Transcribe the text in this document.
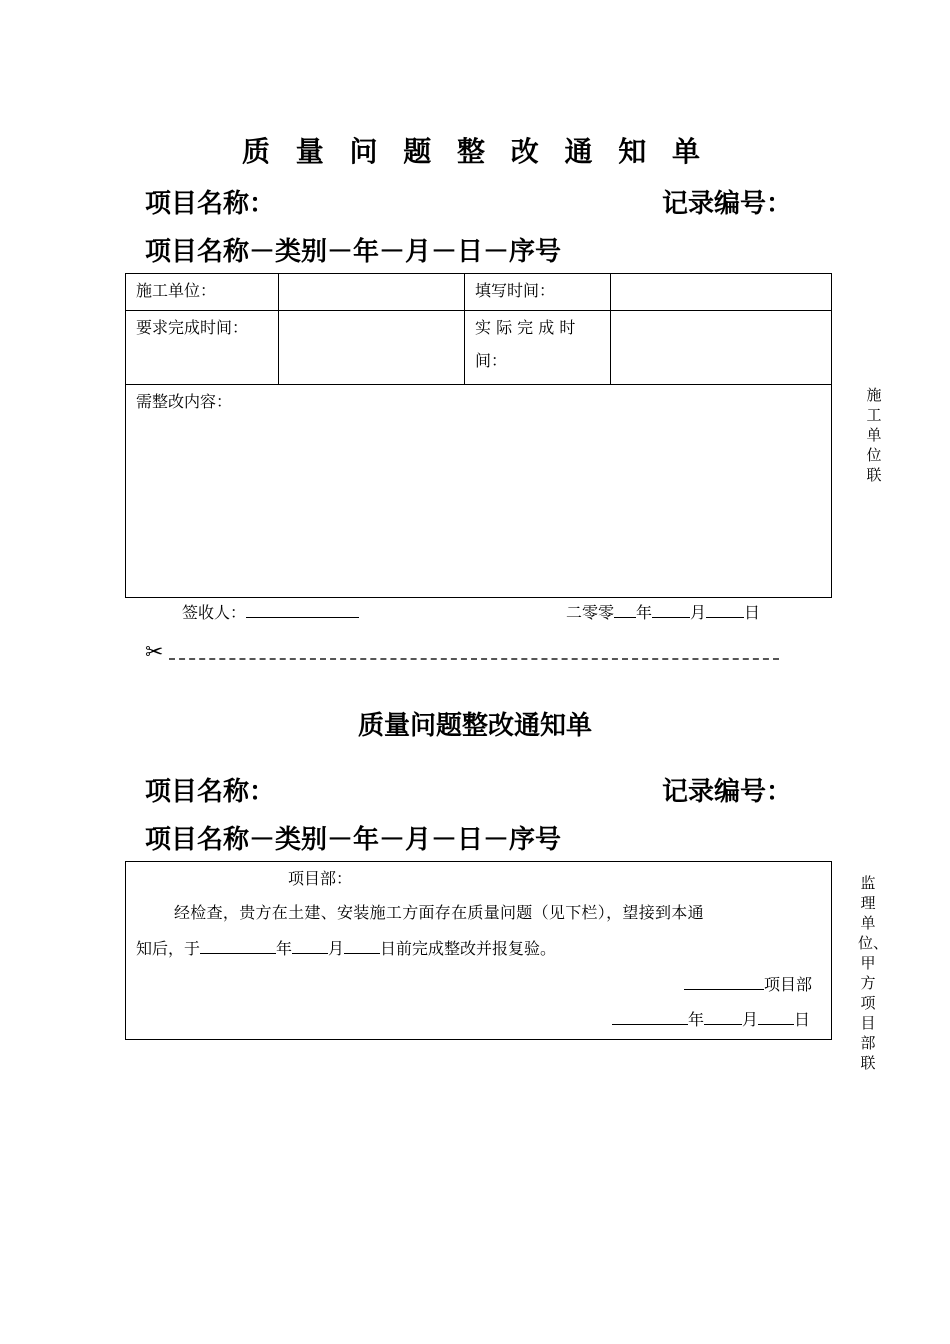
质 量 问 题 整 改 通 知 单
项目名称：	记录编号：
项目名称－类别－年－月－日－序号
施工单位：		填写时间：	
要求完成时间：		实 际 完 成 时
间：	
需整改内容：				施工单位联
签收人：	二零零 年 月 日
✂
质量问题整改通知单
项目名称：	记录编号：
项目名称－类别－年－月－日－序号
项目部：
经检查，贵方在土建、安装施工方面存在质量问题（见下栏），望接到本通
知后，于	年 月 日前完成整改并报复验。
项目部
年 月 日
监理单位、甲方项目部联
